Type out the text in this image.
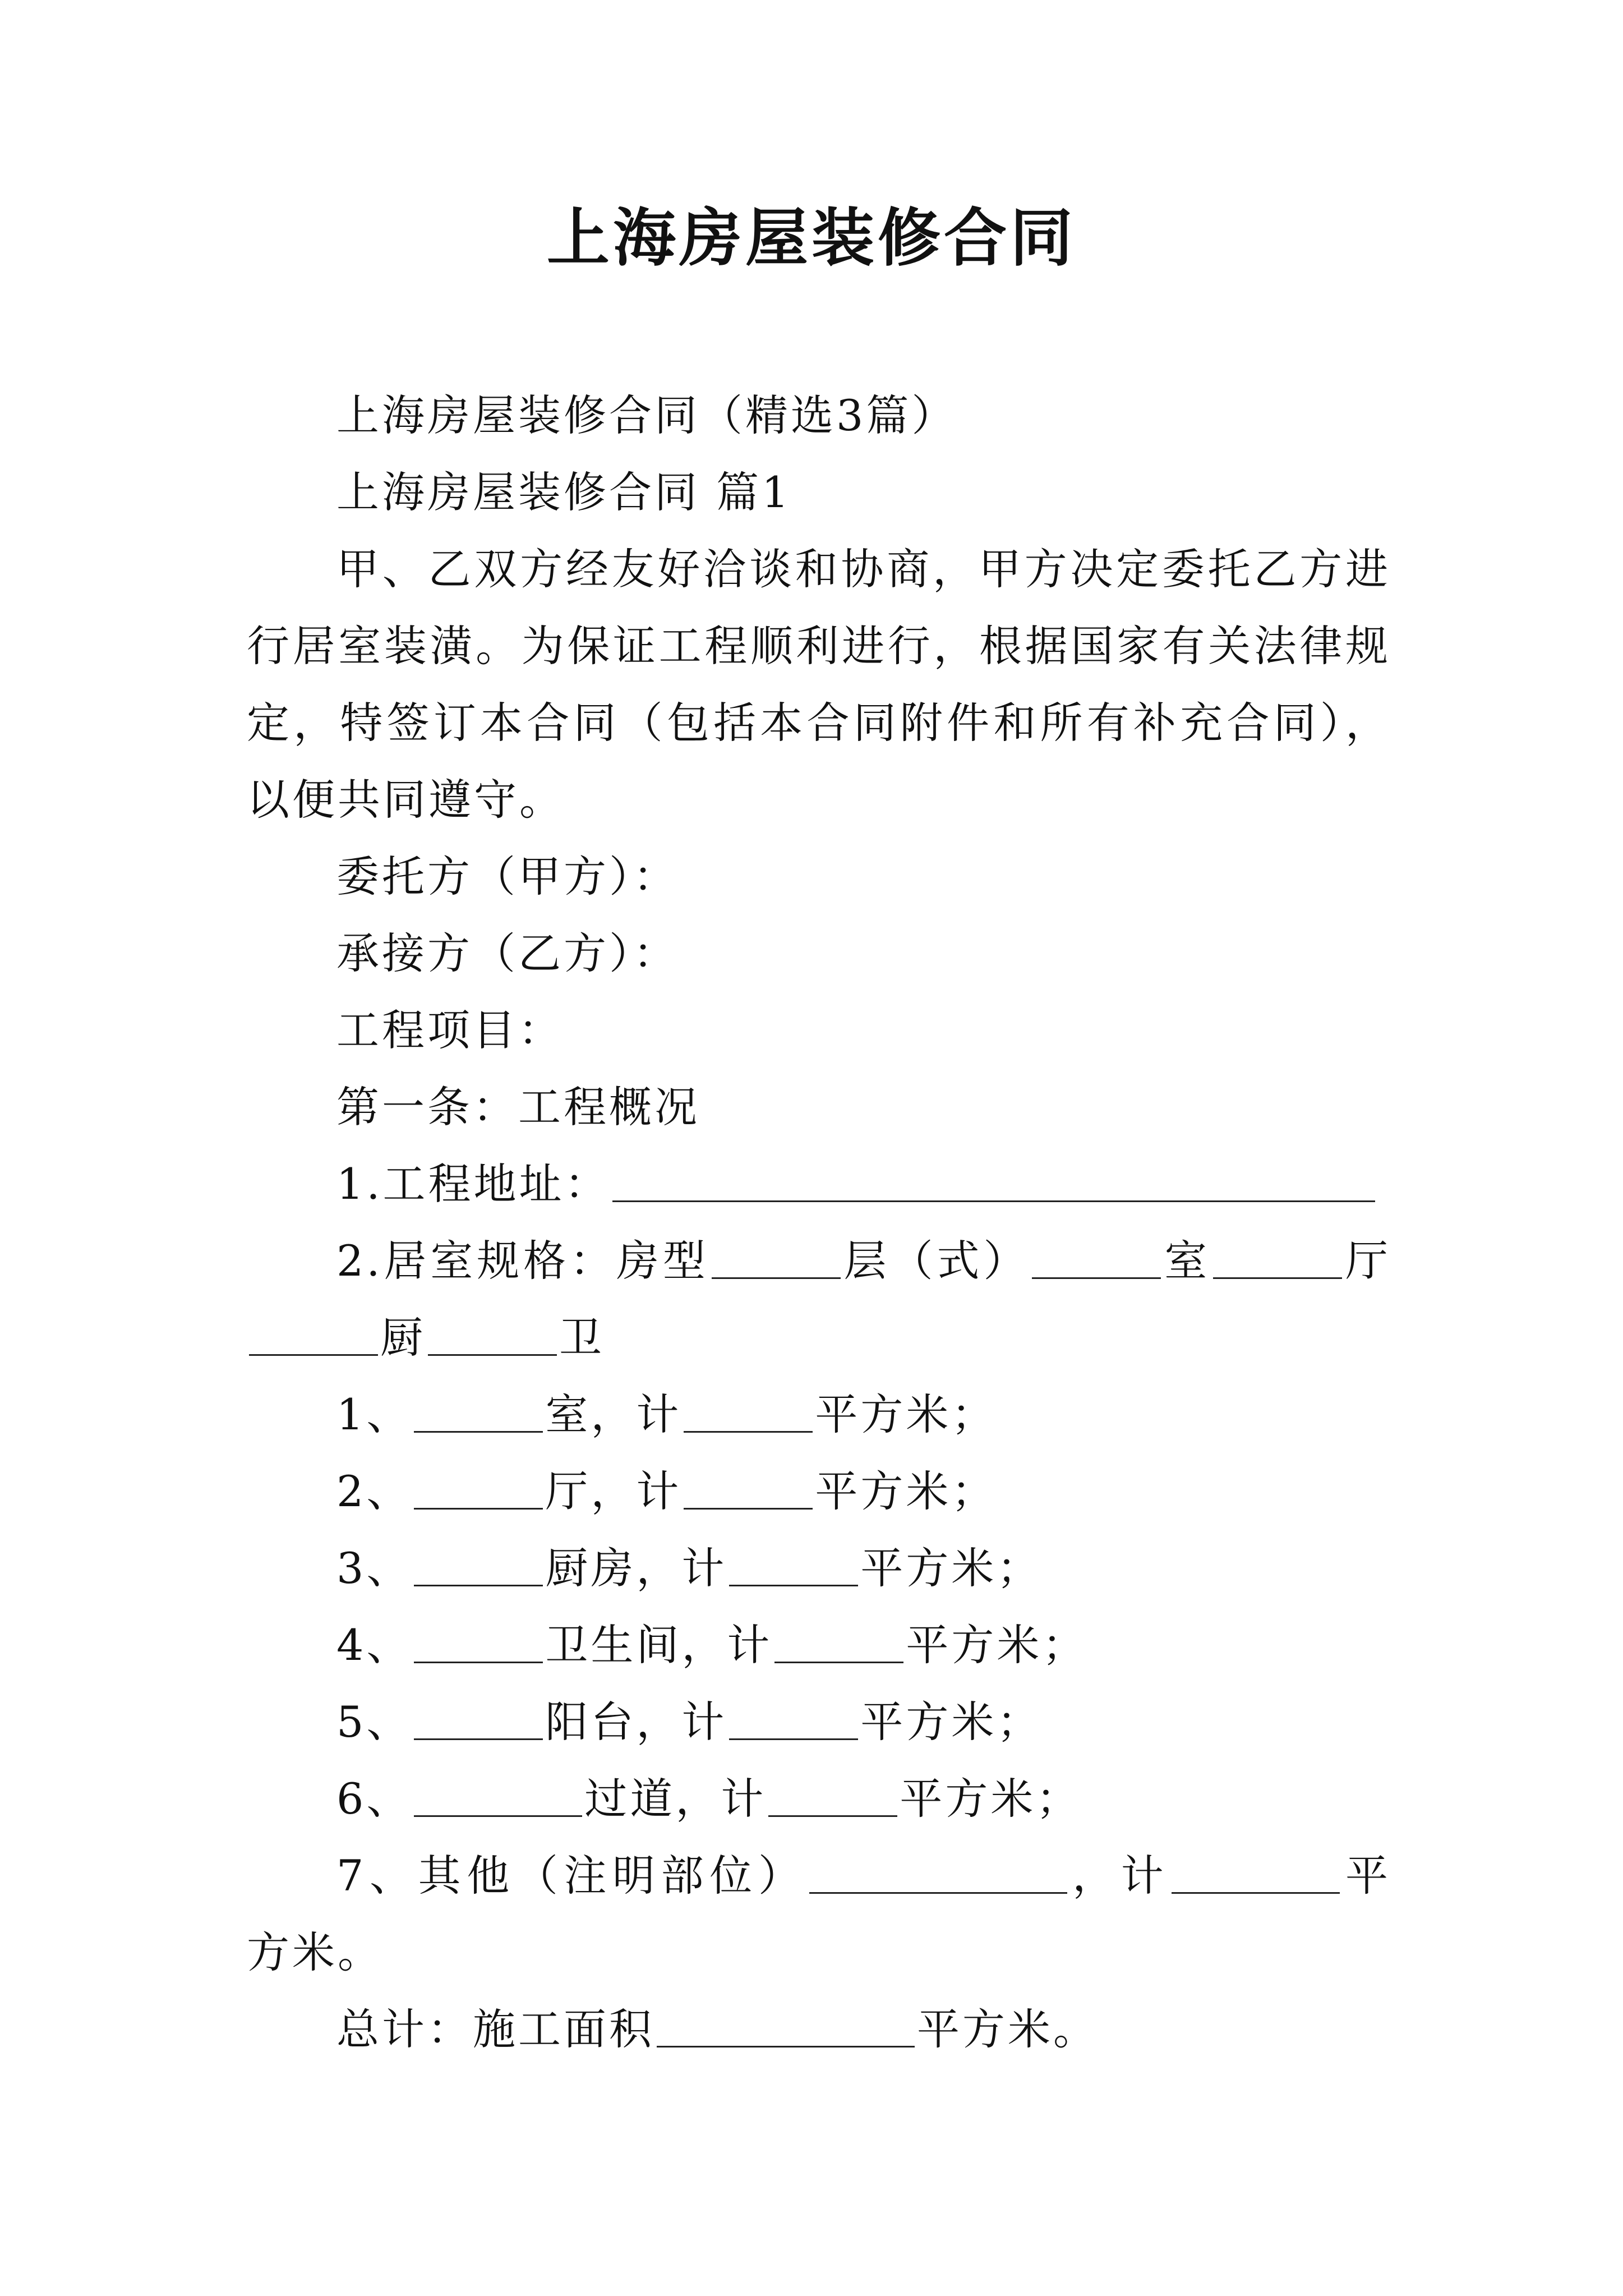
上海房屋装修合同

上海房屋装修合同（精选3篇）

上海房屋装修合同 篇1

甲、乙双方经友好洽谈和协商，甲方决定委托乙方进行居室装潢。为保证工程顺利进行，根据国家有关法律规定，特签订本合同（包括本合同附件和所有补充合同），以便共同遵守。

委托方（甲方）：

承接方（乙方）：

工程项目：

第一条：工程概况

1.工程地址：

2.居室规格：房型	层（式）	室	厅厨	卫

1、	室，计	平方米；

2、	厅，计	平方米；

3、	厨房，计	平方米；

4、	卫生间，计	平方米；

5、	阳台，计	平方米；

6、	过道，计	平方米；

7、其他（注明部位）	，计	平方米。

总计：施工面积	平方米。
